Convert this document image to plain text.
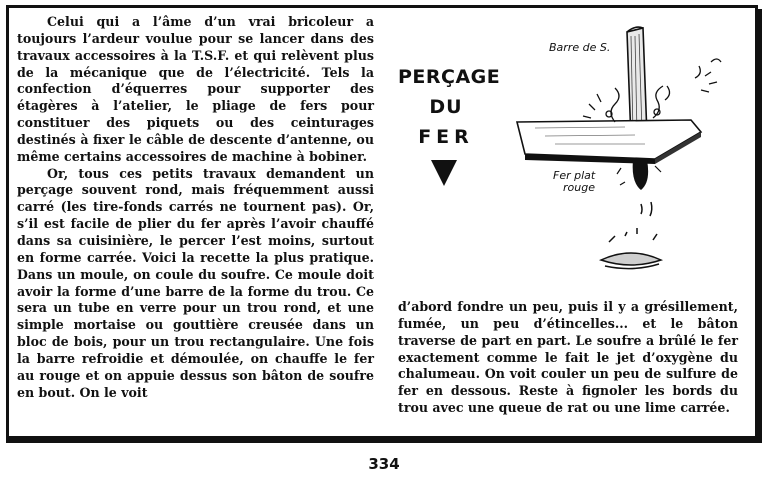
Celui qui a l’âme d’un vrai bricoleur a toujours l’ardeur voulue pour se lancer dans des travaux accessoires à la T.S.F. et qui relèvent plus de la mécanique que de l’électricité. Tels la confection d’équerres pour supporter des étagères à l’atelier, le pliage de fers pour constituer des piquets ou des ceinturages destinés à fixer le câble de descente d’antenne, ou même certains accessoires de machine à bobiner.

Or, tous ces petits travaux demandent un perçage souvent rond, mais fréquemment aussi carré (les tire-fonds carrés ne tournent pas). Or, s’il est facile de plier du fer après l’avoir chauffé dans sa cuisinière, le percer l’est moins, surtout en forme carrée. Voici la recette la plus pratique. Dans un moule, on coule du soufre. Ce moule doit avoir la forme d’une barre de la forme du trou. Ce sera un tube en verre pour un trou rond, et une simple mortaise ou gouttière creusée dans un bloc de bois, pour un trou rectangulaire. Une fois la barre refroidie et démoulée, on chauffe le fer au rouge et on appuie dessus son bâton de soufre en bout. On le voit

PERÇAGE
DU
FER
Barre de S.
Fer plat
rouge

d’abord fondre un peu, puis il y a grésillement, fumée, un peu d’étincelles... et le bâton traverse de part en part. Le soufre a brûlé le fer exactement comme le fait le jet d’oxygène du chalumeau. On voit couler un peu de sulfure de fer en dessous. Reste à fignoler les bords du trou avec une queue de rat ou une lime carrée.

334
